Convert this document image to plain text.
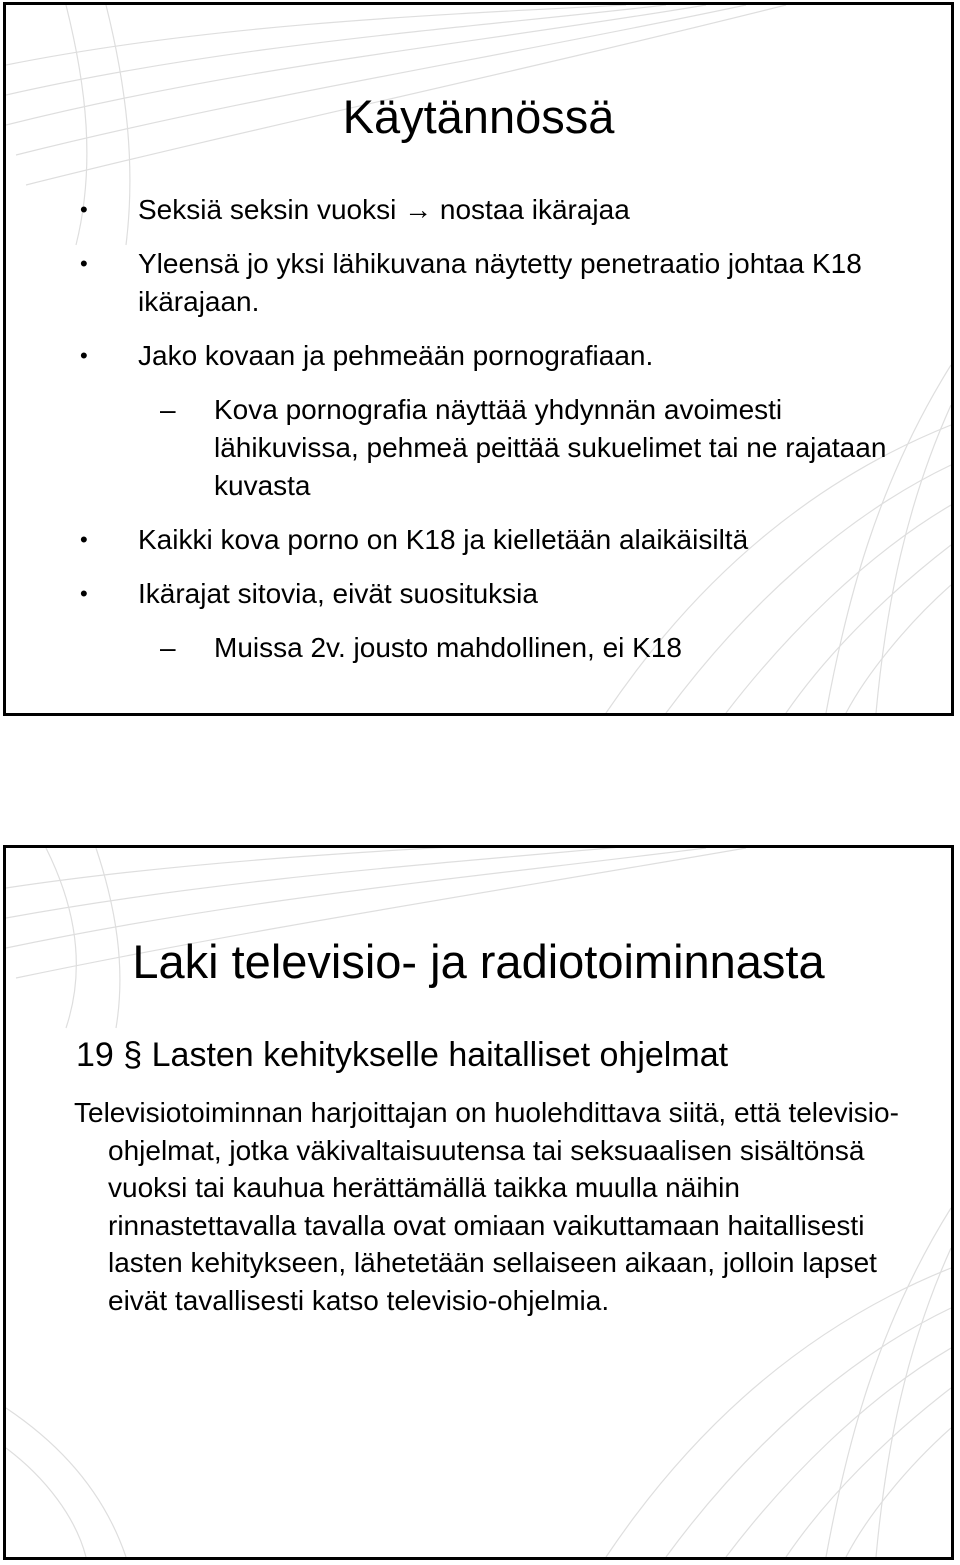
Käytännössä
• Seksiä seksin vuoksi → nostaa ikärajaa
• Yleensä jo yksi lähikuvana näytetty penetraatio johtaa K18 ikärajaan.
• Jako kovaan ja pehmeään pornografiaan.
– Kova pornografia näyttää yhdynnän avoimesti lähikuvissa, pehmeä peittää sukuelimet tai ne rajataan kuvasta
• Kaikki kova porno on K18 ja kielletään alaikäisiltä
• Ikärajat sitovia, eivät suosituksia
– Muissa 2v. jousto mahdollinen, ei K18
Laki televisio- ja radiotoiminnasta
19 § Lasten kehitykselle haitalliset ohjelmat

Televisiotoiminnan harjoittajan on huolehdittava siitä, että televisio-ohjelmat, jotka väkivaltaisuutensa tai seksuaalisen sisältönsä vuoksi tai kauhua herättämällä taikka muulla näihin rinnastettavalla tavalla ovat omiaan vaikuttamaan haitallisesti lasten kehitykseen, lähetetään sellaiseen aikaan, jolloin lapset eivät tavallisesti katso televisio-ohjelmia.
